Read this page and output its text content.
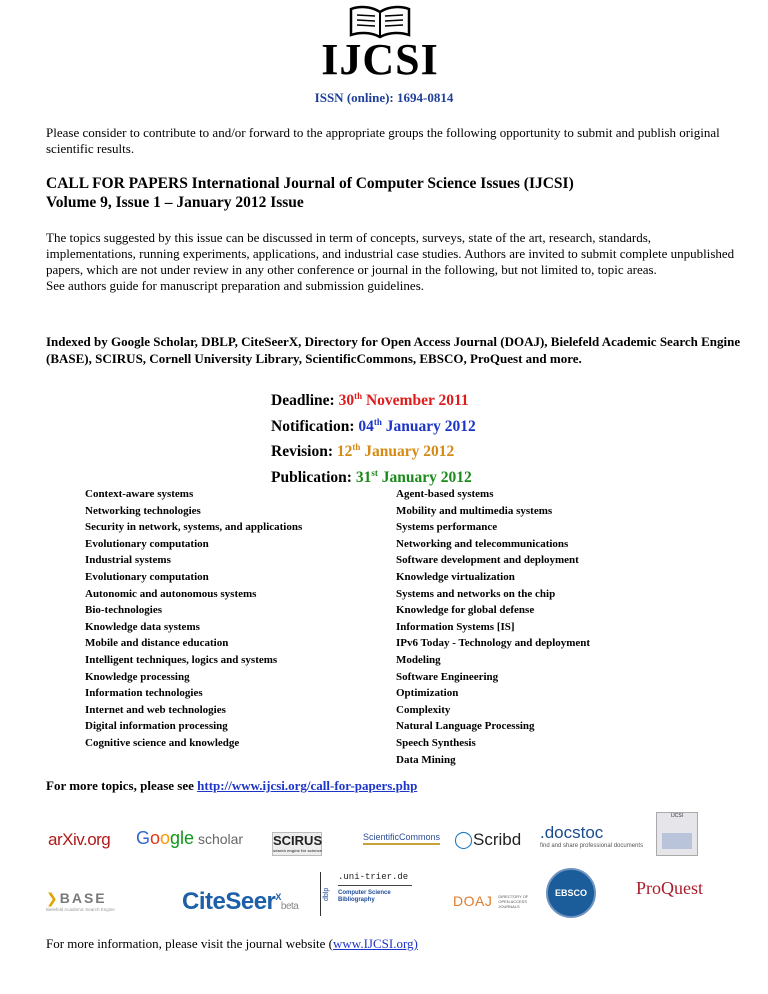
IJCSI
ISSN (online): 1694-0814
Please consider to contribute to and/or forward to the appropriate groups the following opportunity to submit and publish original scientific results.
CALL FOR PAPERS International Journal of Computer Science Issues (IJCSI)
Volume 9, Issue 1 – January 2012 Issue
The topics suggested by this issue can be discussed in term of concepts, surveys, state of the art, research, standards, implementations, running experiments, applications, and industrial case studies. Authors are invited to submit complete unpublished papers, which are not under review in any other conference or journal in the following, but not limited to, topic areas.
See authors guide for manuscript preparation and submission guidelines.
Indexed by Google Scholar, DBLP, CiteSeerX, Directory for Open Access Journal (DOAJ), Bielefeld Academic Search Engine (BASE), SCIRUS, Cornell University Library, ScientificCommons, EBSCO, ProQuest and more.
Deadline: 30th November 2011
Notification: 04th January 2012
Revision: 12th January 2012
Publication: 31st January 2012
Context-aware systems
Networking technologies
Security in network, systems, and applications
Evolutionary computation
Industrial systems
Evolutionary computation
Autonomic and autonomous systems
Bio-technologies
Knowledge data systems
Mobile and distance education
Intelligent techniques, logics and systems
Knowledge processing
Information technologies
Internet and web technologies
Digital information processing
Cognitive science and knowledge
Agent-based systems
Mobility and multimedia systems
Systems performance
Networking and telecommunications
Software development and deployment
Knowledge virtualization
Systems and networks on the chip
Knowledge for global defense
Information Systems [IS]
IPv6 Today - Technology and deployment
Modeling
Software Engineering
Optimization
Complexity
Natural Language Processing
Speech Synthesis
Data Mining
For more topics, please see http://www.ijcsi.org/call-for-papers.php
arXiv.org Google scholar SCIRUS
search engine for science
ScientificCommons ◯Scribd .docstoc
find and share professional documents
IJCSI
❯BASE
Bielefeld Academic Search Engine	CiteSeer$^X$beta
dblp
.uni-trier.de
Computer Science
Bibliography	DOAJ DIRECTORY OF
OPEN ACCESS
JOURNALS
EBSCO	ProQuest
For more information, please visit the journal website (www.IJCSI.org)
